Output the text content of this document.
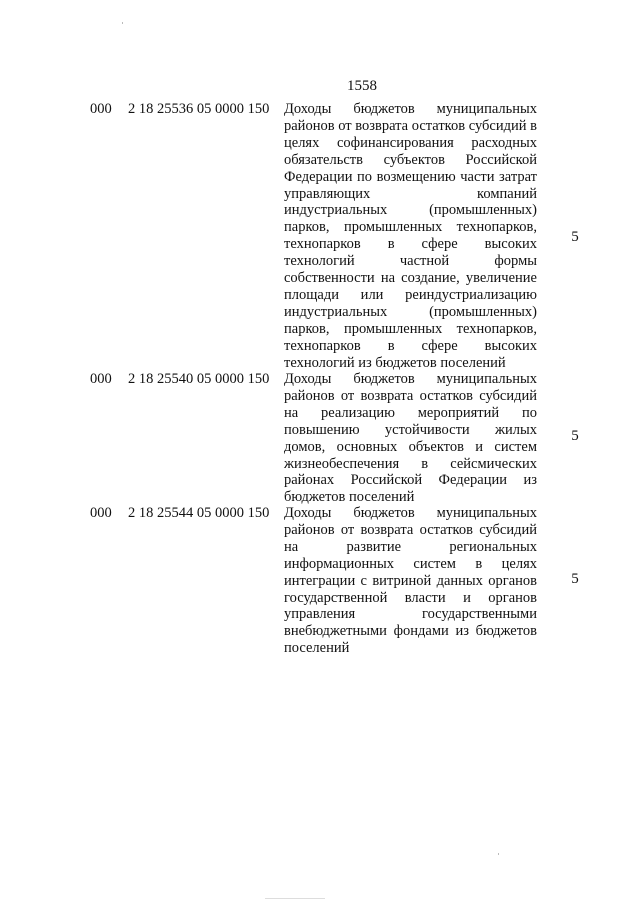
1558
000 2 18 25536 05 0000 150 Доходы бюджетов муниципальных районов от возврата остатков субсидий в целях софинансирования расходных обязательств субъектов Российской Федерации по возмещению части затрат управляющих компаний индустриальных (промышленных) парков, промышленных технопарков, технопарков в сфере высоких технологий частной формы собственности на создание, увеличение площади или реиндустриализацию индустриальных (промышленных) парков, промышленных технопарков, технопарков в сфере высоких технологий из бюджетов поселений
5
000 2 18 25540 05 0000 150 Доходы бюджетов муниципальных районов от возврата остатков субсидий на реализацию мероприятий по повышению устойчивости жилых домов, основных объектов и систем жизнеобеспечения в сейсмических районах Российской Федерации из бюджетов поселений
5
000 2 18 25544 05 0000 150 Доходы бюджетов муниципальных районов от возврата остатков субсидий на развитие региональных информационных систем в целях интеграции с витриной данных органов государственной власти и органов управления государственными внебюджетными фондами из бюджетов поселений
5
